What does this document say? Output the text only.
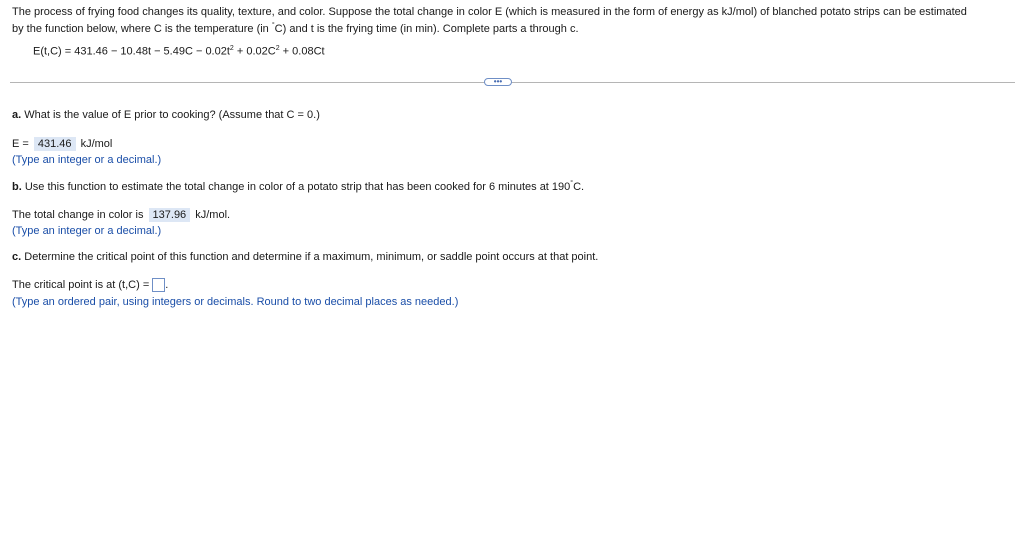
The process of frying food changes its quality, texture, and color. Suppose the total change in color E (which is measured in the form of energy as kJ/mol) of blanched potato strips can be estimated
by the function below, where C is the temperature (in °C) and t is the frying time (in min). Complete parts a through c.

$E(t,C) = 431.46 - 10.48t - 5.49C - 0.02t^2 + 0.02C^2 + 0.08Ct$
•••
a. What is the value of E prior to cooking? (Assume that C = 0.)
E = 431.46 kJ/mol
(Type an integer or a decimal.)
b. Use this function to estimate the total change in color of a potato strip that has been cooked for 6 minutes at 190°C.
The total change in color is 137.96 kJ/mol.
(Type an integer or a decimal.)
c. Determine the critical point of this function and determine if a maximum, minimum, or saddle point occurs at that point.
The critical point is at (t,C) = .
(Type an ordered pair, using integers or decimals. Round to two decimal places as needed.)
